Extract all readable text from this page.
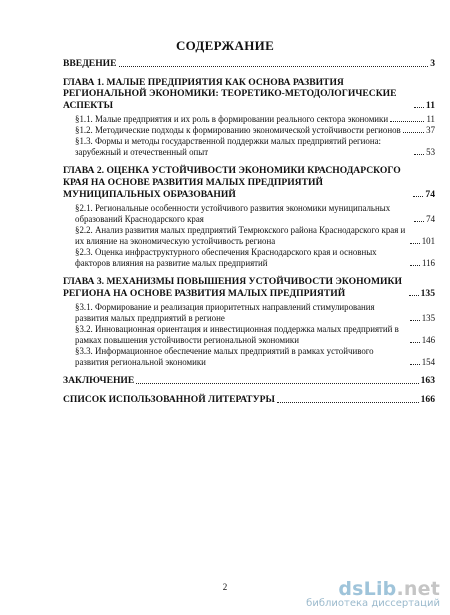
СОДЕРЖАНИЕ
ВВЕДЕНИЕ	3
ГЛАВА 1. МАЛЫЕ ПРЕДПРИЯТИЯ КАК ОСНОВА РАЗВИТИЯ РЕГИОНАЛЬНОЙ ЭКОНОМИКИ: ТЕОРЕТИКО-МЕТОДОЛОГИЧЕСКИЕ АСПЕКТЫ	11
§1.1. Малые предприятия и их роль в формировании реального сектора экономики	11
§1.2. Методические подходы к формированию экономической устойчивости регионов	37
§1.3. Формы и методы государственной поддержки малых предприятий региона: зарубежный и отечественный опыт	53
ГЛАВА 2. ОЦЕНКА УСТОЙЧИВОСТИ ЭКОНОМИКИ КРАСНОДАРСКОГО КРАЯ НА ОСНОВЕ РАЗВИТИЯ МАЛЫХ ПРЕДПРИЯТИЙ МУНИЦИПАЛЬНЫХ ОБРАЗОВАНИЙ	74
§2.1. Региональные особенности устойчивого развития экономики муниципальных образований Краснодарского края	74
§2.2. Анализ развития малых предприятий Темрюкского района Краснодарского края и их влияние на экономическую устойчивость региона	101
§2.3. Оценка инфраструктурного обеспечения Краснодарского края и основных факторов влияния на развитие малых предприятий	116
ГЛАВА 3. МЕХАНИЗМЫ ПОВЫШЕНИЯ УСТОЙЧИВОСТИ ЭКОНОМИКИ РЕГИОНА НА ОСНОВЕ РАЗВИТИЯ МАЛЫХ ПРЕДПРИЯТИЙ	135
§3.1. Формирование и реализация приоритетных направлений стимулирования развития малых предприятий в регионе	135
§3.2. Инновационная ориентация и инвестиционная поддержка малых предприятий в рамках повышения устойчивости региональной экономики	146
§3.3. Информационное обеспечение малых предприятий в рамках устойчивого развития региональной экономики	154
ЗАКЛЮЧЕНИЕ	163
СПИСОК ИСПОЛЬЗОВАННОЙ ЛИТЕРАТУРЫ	166
2	dsLib.net
библиотека диссертаций
